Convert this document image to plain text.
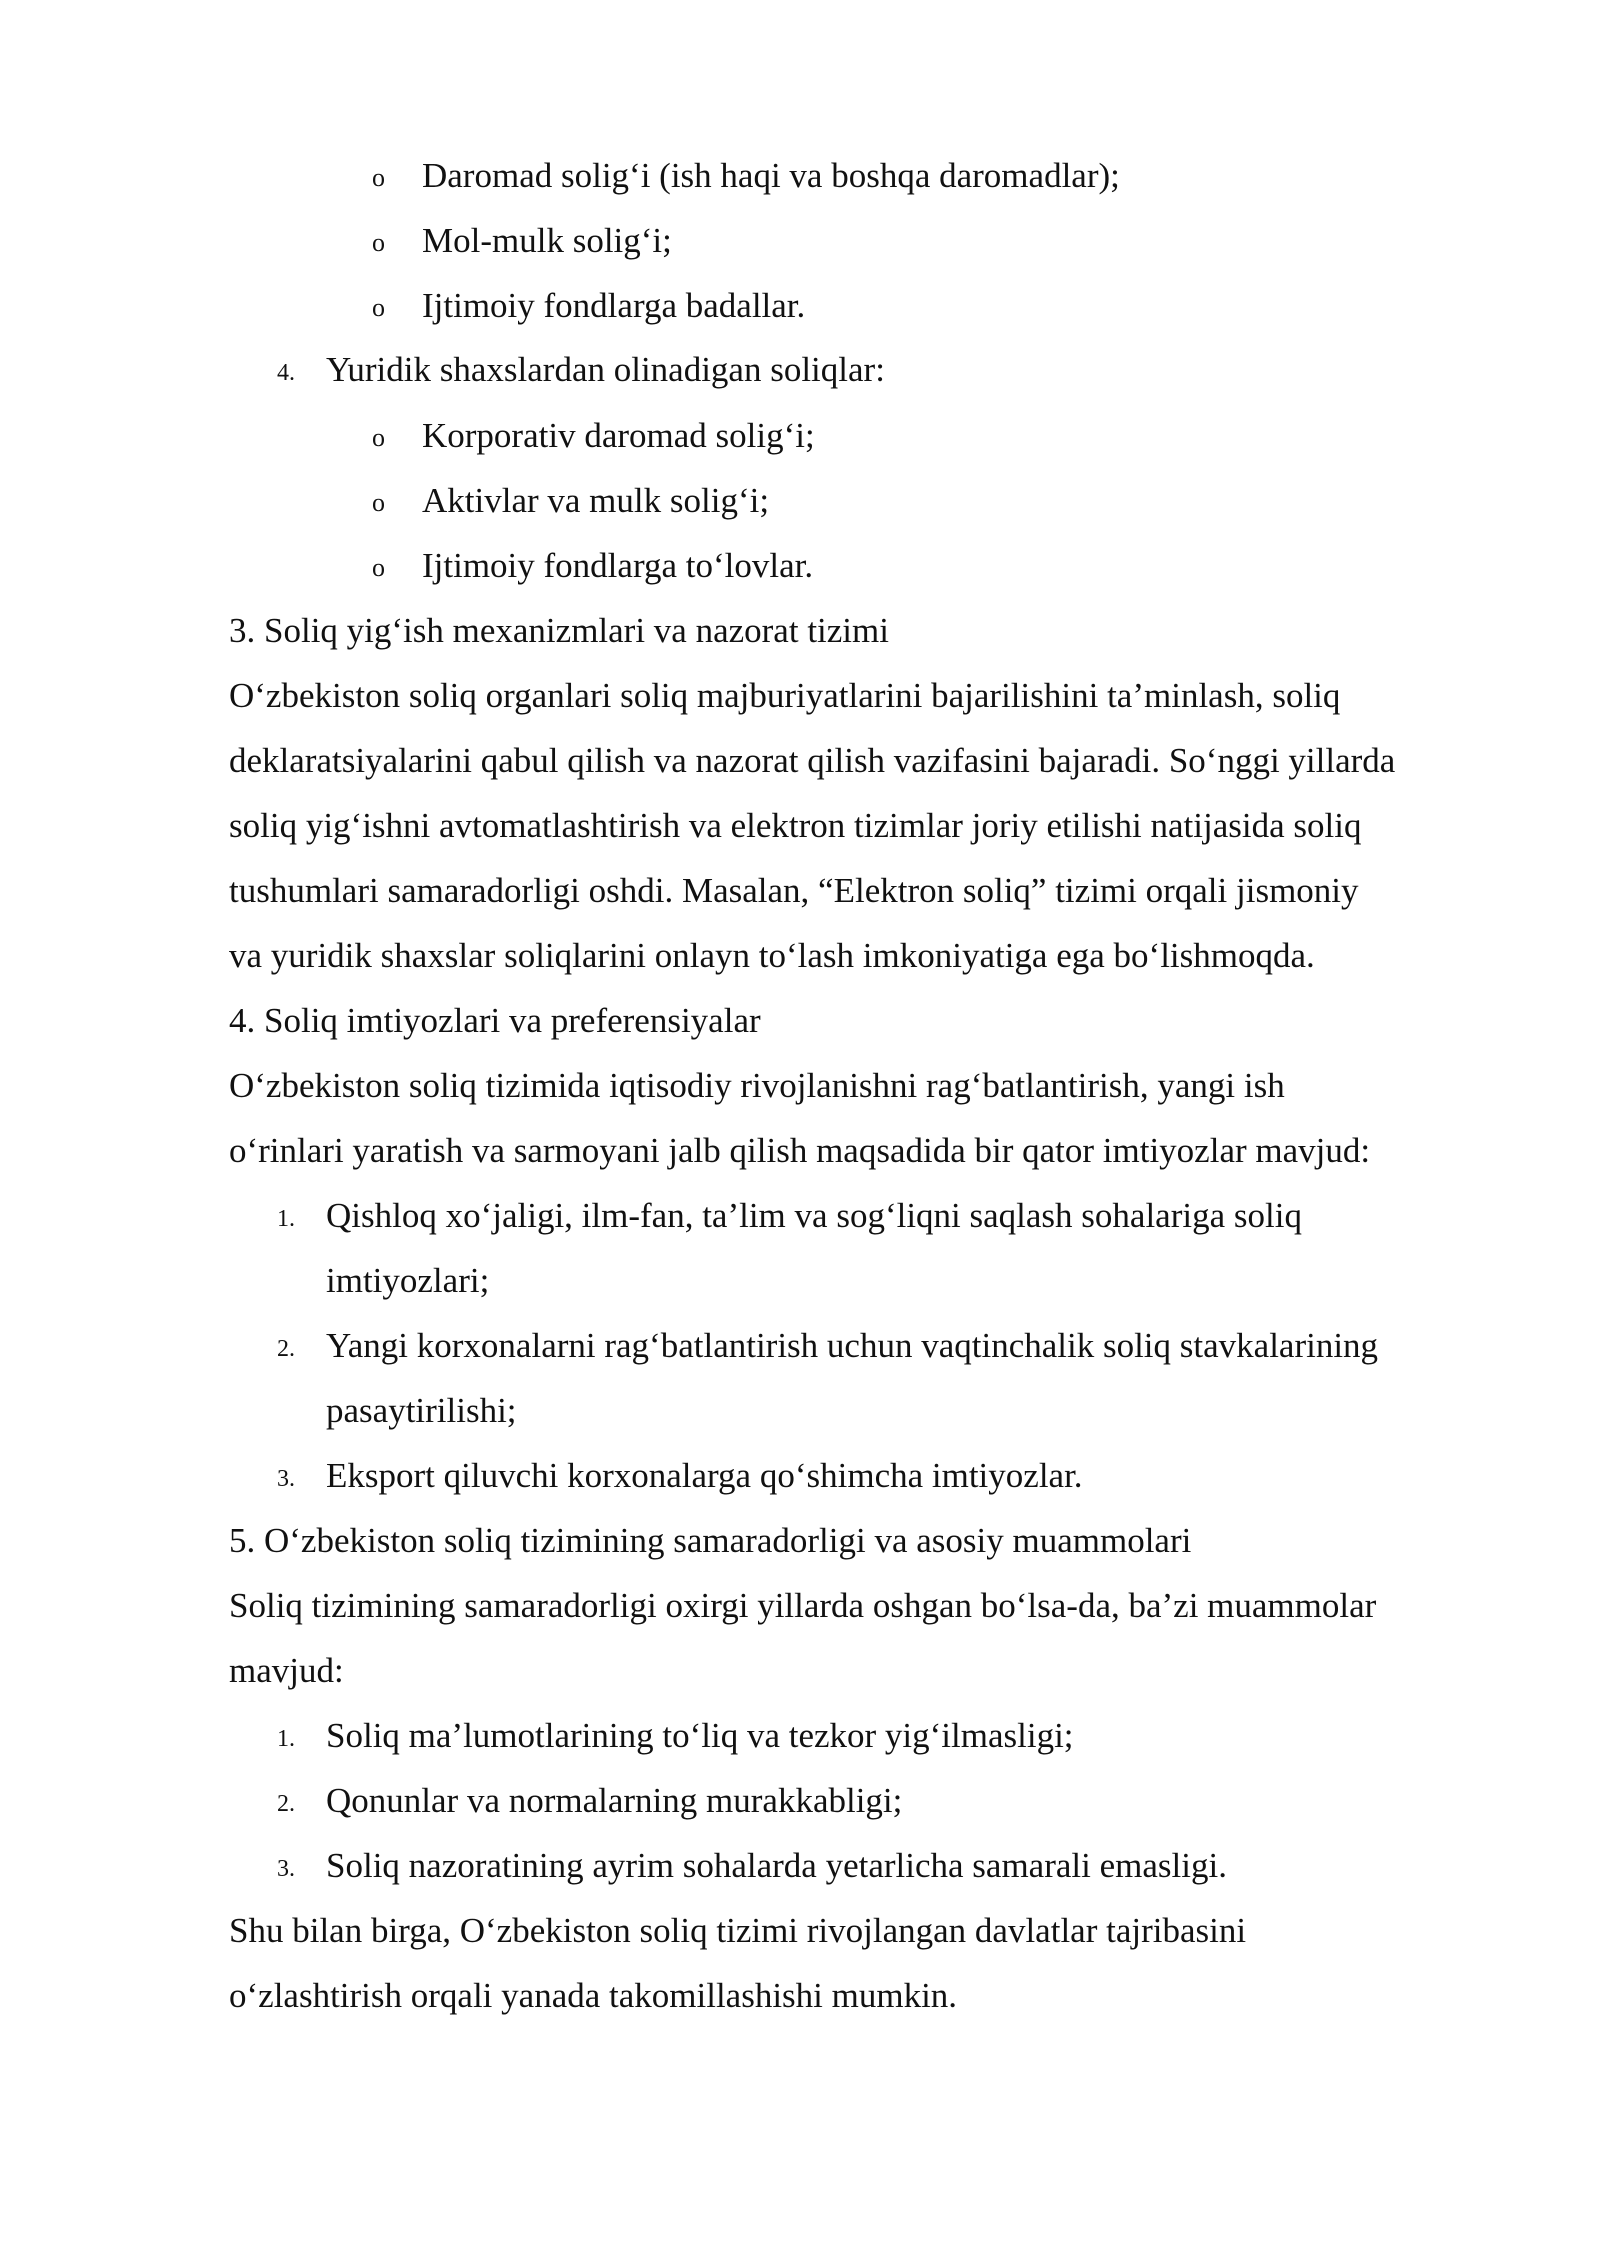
o Daromad solig‘i (ish haqi va boshqa daromadlar);
o Mol-mulk solig‘i;
o Ijtimoiy fondlarga badallar.
4. Yuridik shaxslardan olinadigan soliqlar:
o Korporativ daromad solig‘i;
o Aktivlar va mulk solig‘i;
o Ijtimoiy fondlarga to‘lovlar.
3. Soliq yig‘ish mexanizmlari va nazorat tizimi
O‘zbekiston soliq organlari soliq majburiyatlarini bajarilishini ta’minlash, soliq
deklaratsiyalarini qabul qilish va nazorat qilish vazifasini bajaradi. So‘nggi yillarda
soliq yig‘ishni avtomatlashtirish va elektron tizimlar joriy etilishi natijasida soliq
tushumlari samaradorligi oshdi. Masalan, “Elektron soliq” tizimi orqali jismoniy
va yuridik shaxslar soliqlarini onlayn to‘lash imkoniyatiga ega bo‘lishmoqda.
4. Soliq imtiyozlari va preferensiyalar
O‘zbekiston soliq tizimida iqtisodiy rivojlanishni rag‘batlantirish, yangi ish
o‘rinlari yaratish va sarmoyani jalb qilish maqsadida bir qator imtiyozlar mavjud:
1. Qishloq xo‘jaligi, ilm-fan, ta’lim va sog‘liqni saqlash sohalariga soliq
imtiyozlari;
2. Yangi korxonalarni rag‘batlantirish uchun vaqtinchalik soliq stavkalarining
pasaytirilishi;
3. Eksport qiluvchi korxonalarga qo‘shimcha imtiyozlar.
5. O‘zbekiston soliq tizimining samaradorligi va asosiy muammolari
Soliq tizimining samaradorligi oxirgi yillarda oshgan bo‘lsa-da, ba’zi muammolar
mavjud:
1. Soliq ma’lumotlarining to‘liq va tezkor yig‘ilmasligi;
2. Qonunlar va normalarning murakkabligi;
3. Soliq nazoratining ayrim sohalarda yetarlicha samarali emasligi.
Shu bilan birga, O‘zbekiston soliq tizimi rivojlangan davlatlar tajribasini
o‘zlashtirish orqali yanada takomillashishi mumkin.
